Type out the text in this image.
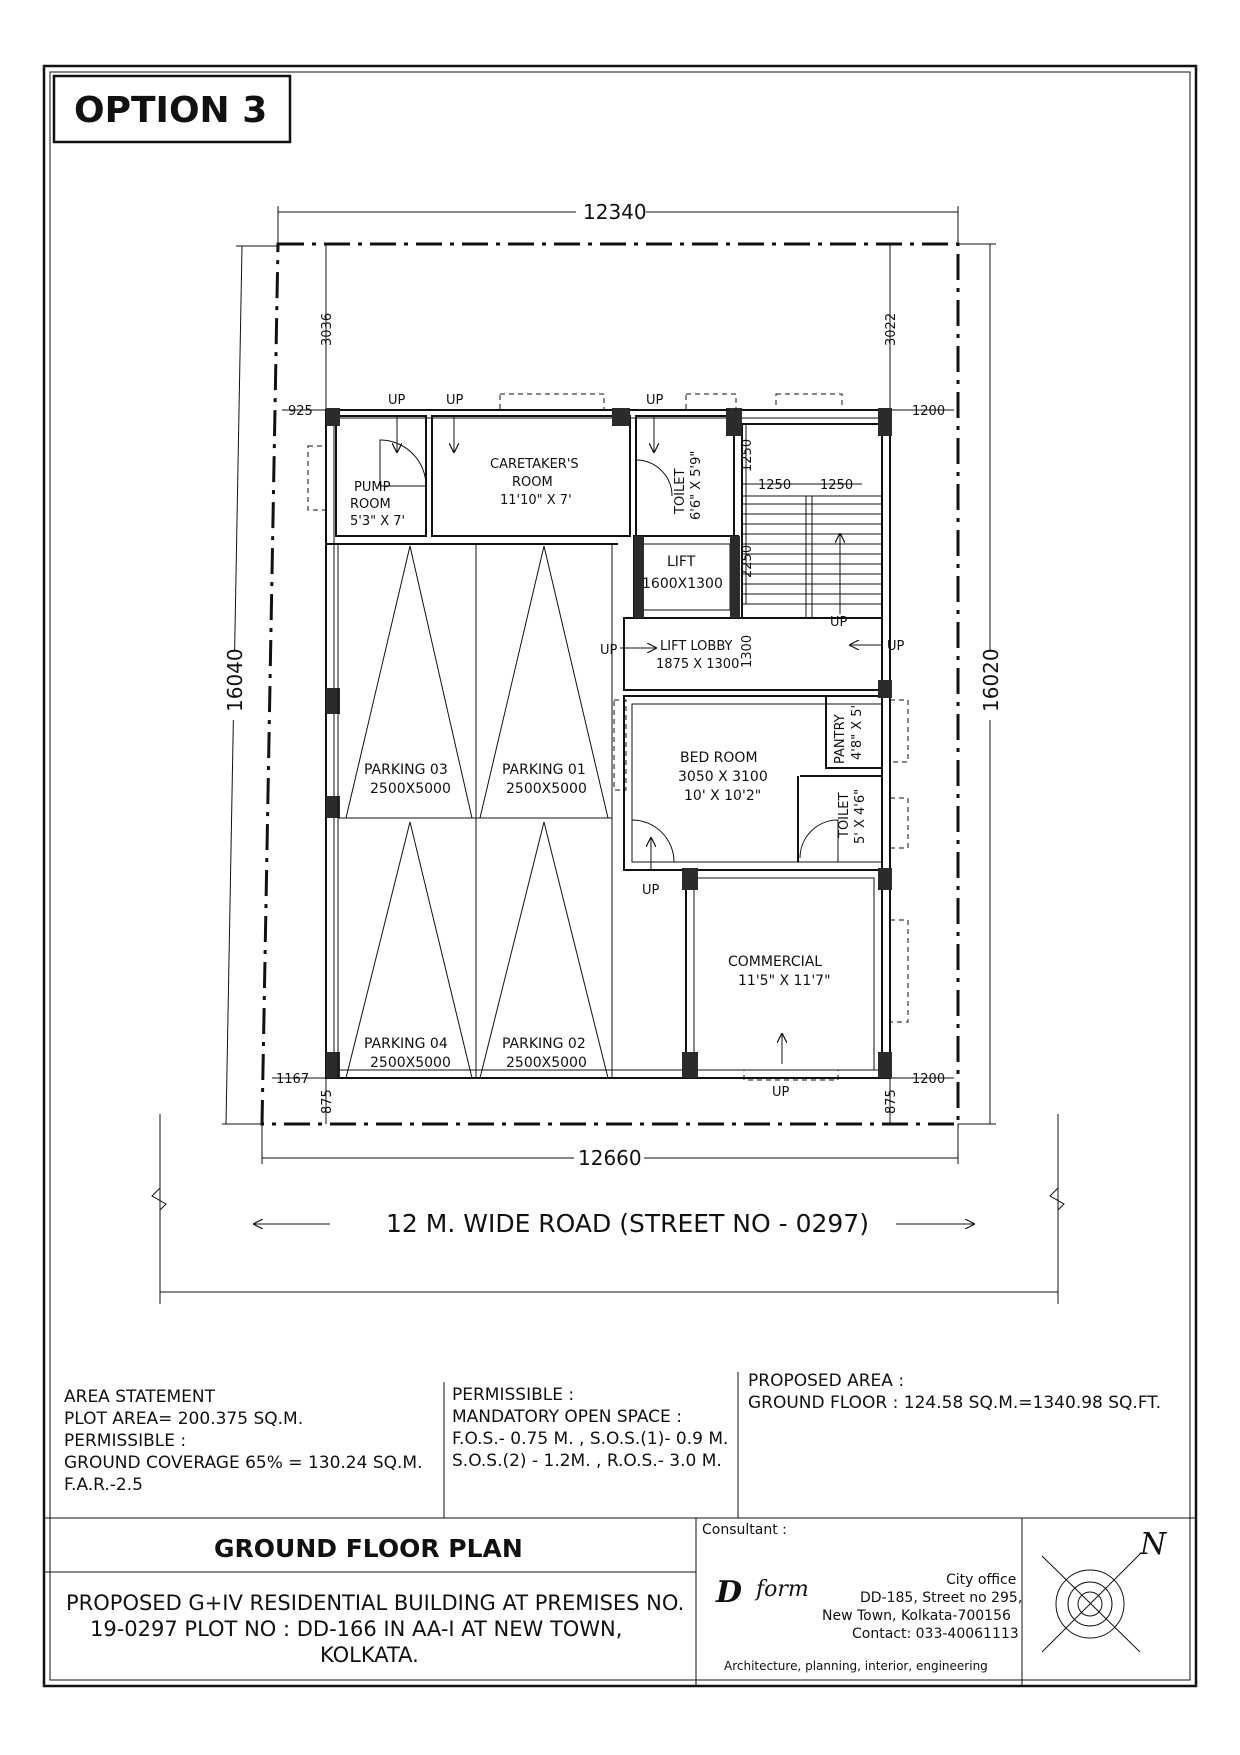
OPTION 3
12340
12660
16040	16020
3036	3022
925	1200
1167	1200
875	875
PUMP
ROOM
5'3" X 7'
CARETAKER'S
ROOM
11'10" X 7'	TOILET 6'6" X 5'9"
LIFT
1600X1300
LIFT LOBBY
1875 X 1300
BED ROOM
3050 X 3100
10' X 10'2"
PANTRY 4'8" X 5'
TOILET 5' X 4'6"
COMMERCIAL
11'5" X 11'7"
PARKING 03
2500X5000
PARKING 01
2500X5000
PARKING 04
2500X5000
PARKING 02
2500X5000
1250 1250
1250
2250
1300
UP	UP	UP
UP	UP
UP
UP
UP
12 M. WIDE ROAD (STREET NO - 0297)
AREA STATEMENT
PLOT AREA= 200.375 SQ.M.
PERMISSIBLE :
GROUND COVERAGE 65% = 130.24 SQ.M.
F.A.R.-2.5
PERMISSIBLE :
MANDATORY OPEN SPACE :
F.O.S.- 0.75 M. , S.O.S.(1)- 0.9 M.
S.O.S.(2) - 1.2M. , R.O.S.- 3.0 M.
PROPOSED AREA :
GROUND FLOOR : 124.58 SQ.M.=1340.98 SQ.FT.
GROUND FLOOR PLAN
PROPOSED G+IV RESIDENTIAL BUILDING AT PREMISES NO.
19-0297 PLOT NO : DD-166 IN AA-I AT NEW TOWN,
KOLKATA.
Consultant :
D form	City office
DD-185, Street no 295,
New Town, Kolkata-700156
Contact: 033-40061113
Architecture, planning, interior, engineering
N
